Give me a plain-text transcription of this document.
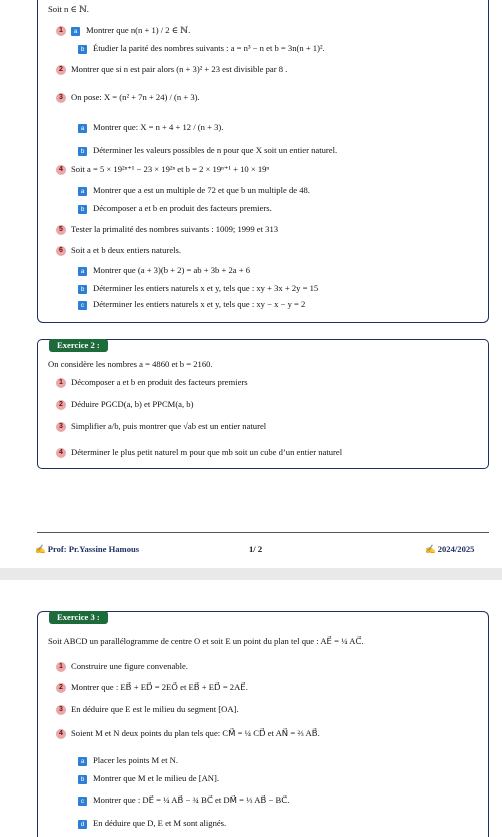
Soit n ∈ ℕ.
1 a Montrer que n(n + 1) / 2 ∈ ℕ.
b Étudier la parité des nombres suivants : a = n³ − n et b = 3n(n + 1)².
2 Montrer que si n est pair alors (n + 3)² + 23 est divisible par 8 .
3 On pose: X = (n² + 7n + 24) / (n + 3).
a Montrer que: X = n + 4 + 12 / (n + 3).
b Déterminer les valeurs possibles de n pour que X soit un entier naturel.
4 Soit a = 5 × 19²ⁿ⁺¹ − 23 × 19²ⁿ et b = 2 × 19ⁿ⁺¹ + 10 × 19ⁿ
a Montrer que a est un multiple de 72 et que b un multiple de 48.
b Décomposer a et b en produit des facteurs premiers.
5 Tester la primalité des nombres suivants : 1009; 1999 et 313
6 Soit a et b deux entiers naturels.
a Montrer que (a + 3)(b + 2) = ab + 3b + 2a + 6
b Déterminer les entiers naturels x et y, tels que : xy + 3x + 2y = 15
c Déterminer les entiers naturels x et y, tels que : xy − x − y = 2
Exercice 2 :
On considère les nombres a = 4860 et b = 2160.
1 Décomposer a et b en produit des facteurs premiers
2 Déduire PGCD(a, b) et PPCM(a, b)
3 Simplifier a/b, puis montrer que √ab est un entier naturel
4 Déterminer le plus petit naturel m pour que mb soit un cube d’un entier naturel
✍ Prof: Pr.Yassine Hamous	1/ 2	✍ 2024/2025
Exercice 3 :
Soit ABCD un parallélogramme de centre O et soit E un point du plan tel que : AE⃗ = ¼ AC⃗.
1 Construire une figure convenable.
2 Montrer que : EB⃗ + ED⃗ = 2EO⃗ et EB⃗ + ED⃗ = 2AE⃗.
3 En déduire que E est le milieu du segment [OA].
4 Soient M et N deux points du plan tels que: CM⃗ = ¼ CD⃗ et AN⃗ = ⅔ AB⃗.
a Placer les points M et N.
b Montrer que M et le milieu de [AN].
c Montrer que : DE⃗ = ¼ AB⃗ − ¾ BC⃗ et DM⃗ = ⅓ AB⃗ − BC⃗.
d En déduire que D, E et M sont alignés.
